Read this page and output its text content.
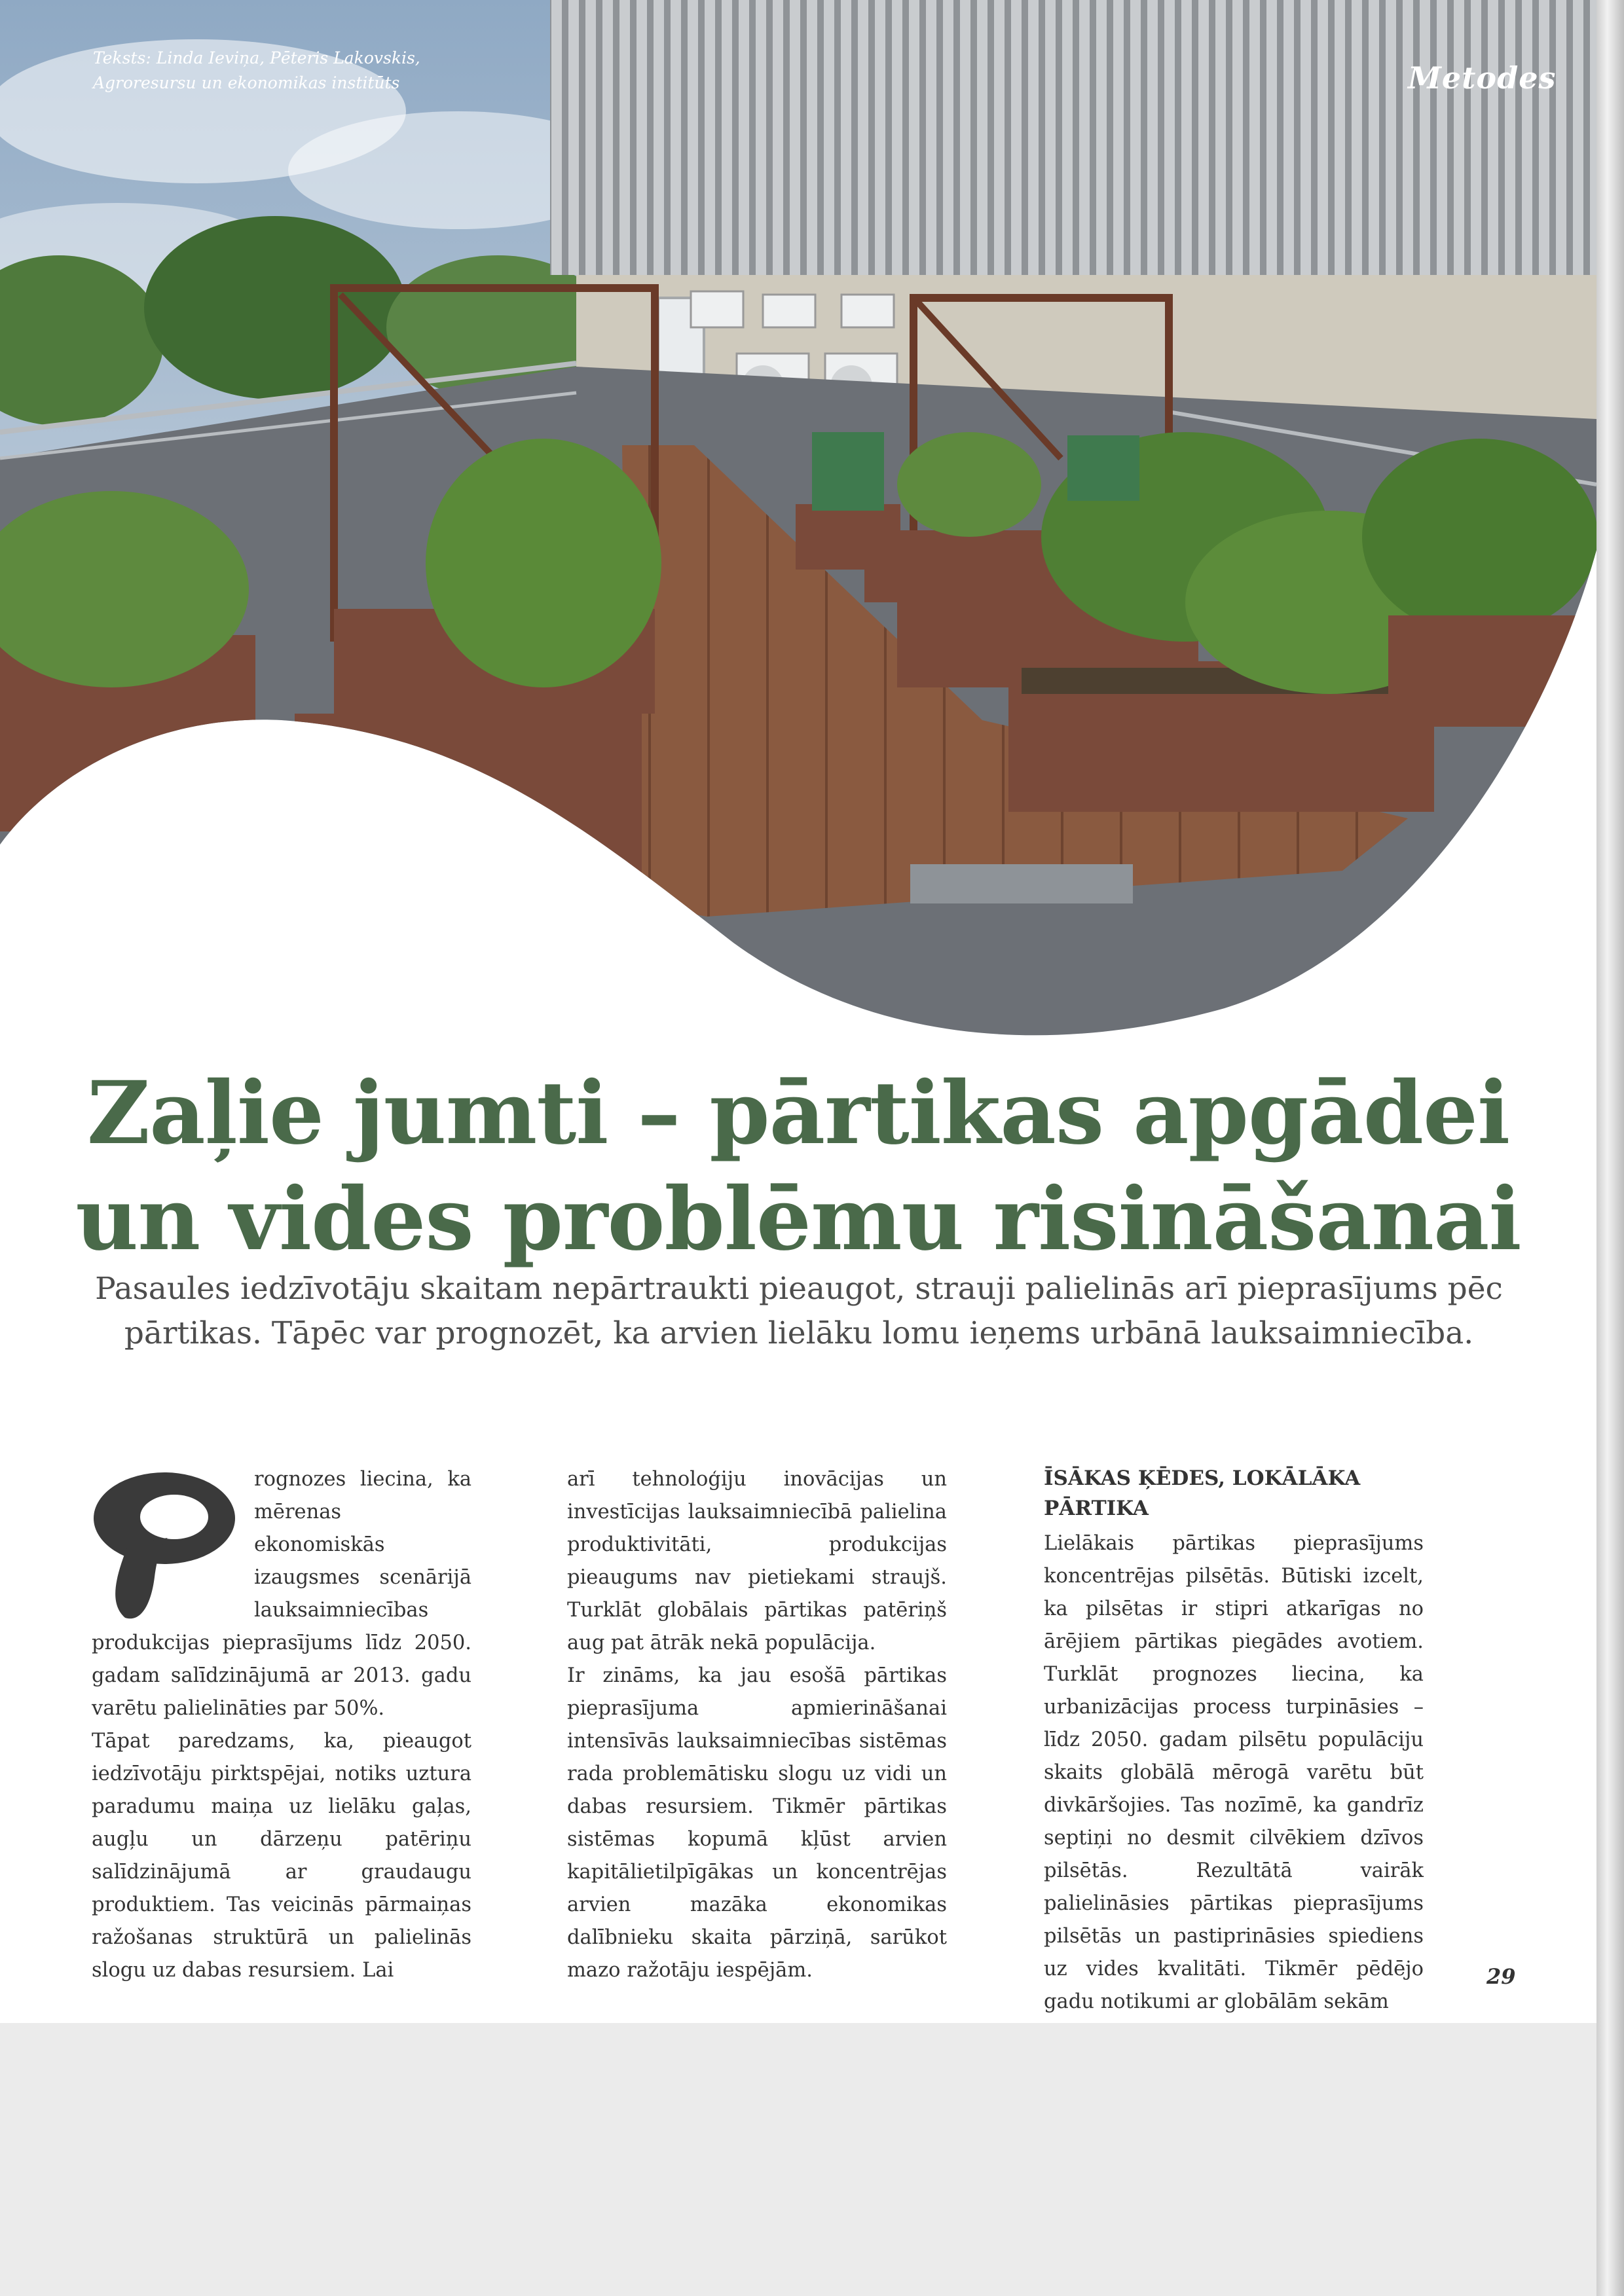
Teksts: Linda Ieviņa, Pēteris Lakovskis,
Agroresursu un ekonomikas institūts	Metodes
Zaļie jumti – pārtikas apgādei
un vides problēmu risināšanai
Pasaules iedzīvotāju skaitam nepārtraukti pieaugot, strauji palielinās arī pieprasījums pēc pārtikas. Tāpēc var prognozēt, ka arvien lielāku lomu ieņems urbānā lauksaimniecība.
P

rognozes liecina, ka mērenas ekonomiskās izaugsmes scenārijā lauksaimniecības produkcijas pieprasījums līdz 2050. gadam salīdzinājumā ar 2013. gadu varētu palielināties par 50%.

Tāpat paredzams, ka, pieaugot iedzīvotāju pirktspējai, notiks uztura paradumu maiņa uz lielāku gaļas, augļu un dārzeņu patēriņu salīdzinājumā ar graudaugu produktiem. Tas veicinās pārmaiņas ražošanas struktūrā un palielinās slogu uz dabas resursiem. Lai

arī tehnoloģiju inovācijas un investīcijas lauksaimniecībā palielina produktivitāti, produkcijas pieaugums nav pietiekami straujš. Turklāt globālais pārtikas patēriņš aug pat ātrāk nekā populācija.

Ir zināms, ka jau esošā pārtikas pieprasījuma apmierināšanai intensīvās lauksaimniecības sistēmas rada problemātisku slogu uz vidi un dabas resursiem. Tikmēr pārtikas sistēmas kopumā kļūst arvien kapitālietilpīgākas un koncentrējas arvien mazāka ekonomikas dalībnieku skaita pārziņā, sarūkot mazo ražotāju iespējām.

ĪSĀKAS ĶĒDES, LOKĀLĀKA PĀRTIKA

Lielākais pārtikas pieprasījums koncentrējas pilsētās. Būtiski izcelt, ka pilsētas ir stipri atkarīgas no ārējiem pārtikas piegādes avotiem. Turklāt prognozes liecina, ka urbanizācijas process turpināsies – līdz 2050. gadam pilsētu populāciju skaits globālā mērogā varētu būt divkāršojies. Tas nozīmē, ka gandrīz septiņi no desmit cilvēkiem dzīvos pilsētās. Rezultātā vairāk palielināsies pārtikas pieprasījums pilsētās un pastiprināsies spiediens uz vides kvalitāti. Tikmēr pēdējo gadu notikumi ar globālām sekām

29
